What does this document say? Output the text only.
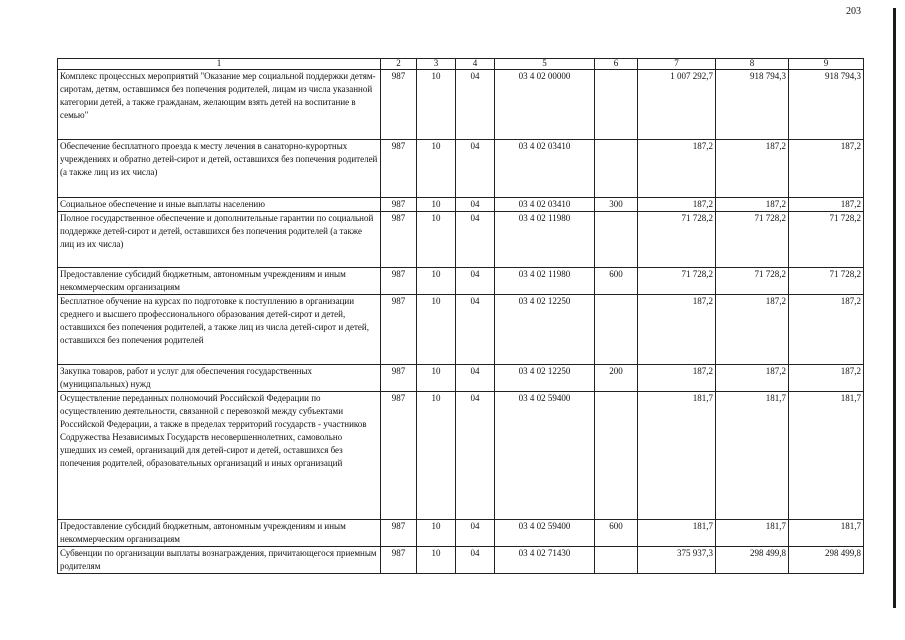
203
1	2	3	4	5	6	7	8	9
Комплекс процессных мероприятий "Оказание мер социальной поддержки детям-сиротам, детям, оставшимся без попечения родителей, лицам из числа указанной категории детей, а также гражданам, желающим взять детей на воспитание в семью"	987	10	04	03 4 02 00000		1 007 292,7	918 794,3	918 794,3
Обеспечение бесплатного проезда к месту лечения в санаторно-курортных учреждениях и обратно детей-сирот и детей, оставшихся без попечения родителей (а также лиц из их числа)	987	10	04	03 4 02 03410		187,2	187,2	187,2
Социальное обеспечение и иные выплаты населению	987	10	04	03 4 02 03410	300	187,2	187,2	187,2
Полное государственное обеспечение и дополнительные гарантии по социальной поддержке детей-сирот и детей, оставшихся без попечения родителей (а также лиц из их числа)	987	10	04	03 4 02 11980		71 728,2	71 728,2	71 728,2
Предоставление субсидий бюджетным, автономным учреждениям и иным некоммерческим организациям	987	10	04	03 4 02 11980	600	71 728,2	71 728,2	71 728,2
Бесплатное обучение на курсах по подготовке к поступлению в организации среднего и высшего профессионального образования детей-сирот и детей, оставшихся без попечения родителей, а также лиц из числа детей-сирот и детей, оставшихся без попечения родителей	987	10	04	03 4 02 12250		187,2	187,2	187,2
Закупка товаров, работ и услуг для обеспечения государственных (муниципальных) нужд	987	10	04	03 4 02 12250	200	187,2	187,2	187,2
Осуществление переданных полномочий Российской Федерации по осуществлению деятельности, связанной с перевозкой между субъектами Российской Федерации, а также в пределах территорий государств - участников Содружества Независимых Государств несовершеннолетних, самовольно ушедших из семей, организаций для детей-сирот и детей, оставшихся без попечения родителей, образовательных организаций и иных организаций	987	10	04	03 4 02 59400		181,7	181,7	181,7
Предоставление субсидий бюджетным, автономным учреждениям и иным некоммерческим организациям	987	10	04	03 4 02 59400	600	181,7	181,7	181,7
Субвенции по организации выплаты вознаграждения, причитающегося приемным родителям	987	10	04	03 4 02 71430		375 937,3	298 499,8	298 499,8
